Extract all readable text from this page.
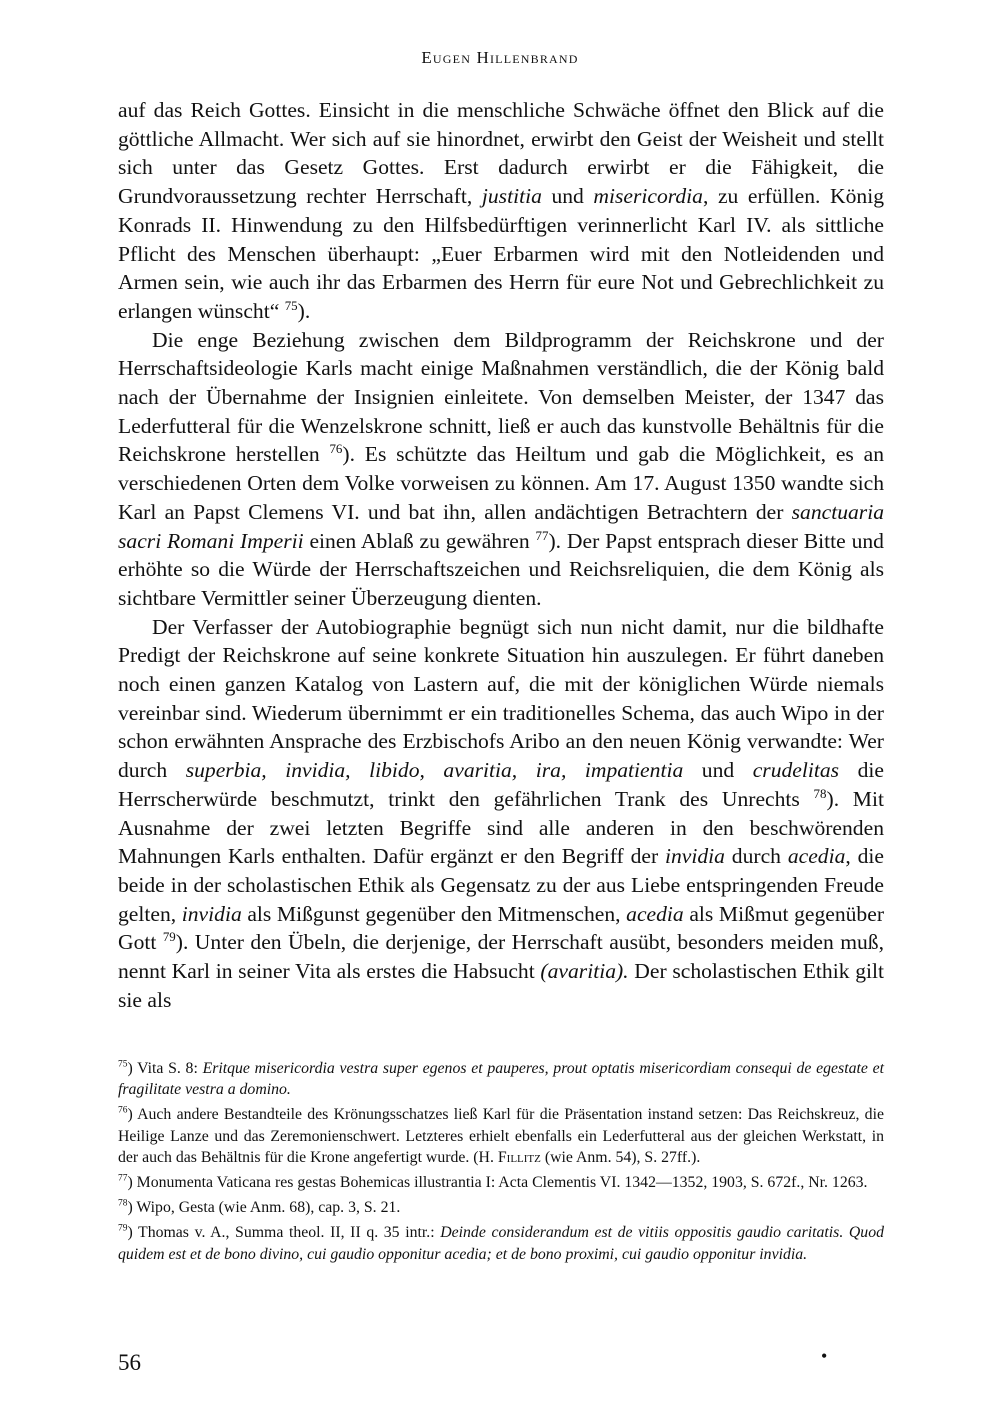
Eugen Hillenbrand

auf das Reich Gottes. Einsicht in die menschliche Schwäche öffnet den Blick auf die göttliche Allmacht. Wer sich auf sie hinordnet, erwirbt den Geist der Weisheit und stellt sich unter das Gesetz Gottes. Erst dadurch erwirbt er die Fähigkeit, die Grundvoraussetzung rechter Herrschaft, justitia und misericordia, zu erfüllen. König Konrads II. Hinwendung zu den Hilfsbedürftigen verinnerlicht Karl IV. als sittliche Pflicht des Menschen überhaupt: „Euer Erbarmen wird mit den Notleidenden und Armen sein, wie auch ihr das Erbarmen des Herrn für eure Not und Gebrechlichkeit zu erlangen wünscht“ $^{75}$).

Die enge Beziehung zwischen dem Bildprogramm der Reichskrone und der Herrschaftsideologie Karls macht einige Maßnahmen verständlich, die der König bald nach der Übernahme der Insignien einleitete. Von demselben Meister, der 1347 das Lederfutteral für die Wenzelskrone schnitt, ließ er auch das kunstvolle Behältnis für die Reichskrone herstellen $^{76}$). Es schützte das Heiltum und gab die Möglichkeit, es an verschiedenen Orten dem Volke vorweisen zu können. Am 17. August 1350 wandte sich Karl an Papst Clemens VI. und bat ihn, allen andächtigen Betrachtern der sanctuaria sacri Romani Imperii einen Ablaß zu gewähren $^{77}$). Der Papst entsprach dieser Bitte und erhöhte so die Würde der Herrschaftszeichen und Reichsreliquien, die dem König als sichtbare Vermittler seiner Überzeugung dienten.

Der Verfasser der Autobiographie begnügt sich nun nicht damit, nur die bildhafte Predigt der Reichskrone auf seine konkrete Situation hin auszulegen. Er führt daneben noch einen ganzen Katalog von Lastern auf, die mit der königlichen Würde niemals vereinbar sind. Wiederum übernimmt er ein traditionelles Schema, das auch Wipo in der schon erwähnten Ansprache des Erzbischofs Aribo an den neuen König verwandte: Wer durch superbia, invidia, libido, avaritia, ira, impatientia und crudelitas die Herrscherwürde beschmutzt, trinkt den gefährlichen Trank des Unrechts $^{78}$). Mit Ausnahme der zwei letzten Begriffe sind alle anderen in den beschwörenden Mahnungen Karls enthalten. Dafür ergänzt er den Begriff der invidia durch acedia, die beide in der scholastischen Ethik als Gegensatz zu der aus Liebe entspringenden Freude gelten, invidia als Mißgunst gegenüber den Mitmenschen, acedia als Mißmut gegenüber Gott $^{79}$). Unter den Übeln, die derjenige, der Herrschaft ausübt, besonders meiden muß, nennt Karl in seiner Vita als erstes die Habsucht (avaritia). Der scholastischen Ethik gilt sie als

$^{75}$) Vita S. 8: Eritque misericordia vestra super egenos et pauperes, prout optatis misericordiam consequi de egestate et fragilitate vestra a domino.

$^{76}$) Auch andere Bestandteile des Krönungsschatzes ließ Karl für die Präsentation instand setzen: Das Reichskreuz, die Heilige Lanze und das Zeremonienschwert. Letzteres erhielt ebenfalls ein Lederfutteral aus der gleichen Werkstatt, in der auch das Behältnis für die Krone angefertigt wurde. (H. Fillitz (wie Anm. 54), S. 27ff.).

$^{77}$) Monumenta Vaticana res gestas Bohemicas illustrantia I: Acta Clementis VI. 1342—1352, 1903, S. 672f., Nr. 1263.

$^{78}$) Wipo, Gesta (wie Anm. 68), cap. 3, S. 21.

$^{79}$) Thomas v. A., Summa theol. II, II q. 35 intr.: Deinde considerandum est de vitiis oppositis gaudio caritatis. Quod quidem est et de bono divino, cui gaudio opponitur acedia; et de bono proximi, cui gaudio opponitur invidia.

56	•
